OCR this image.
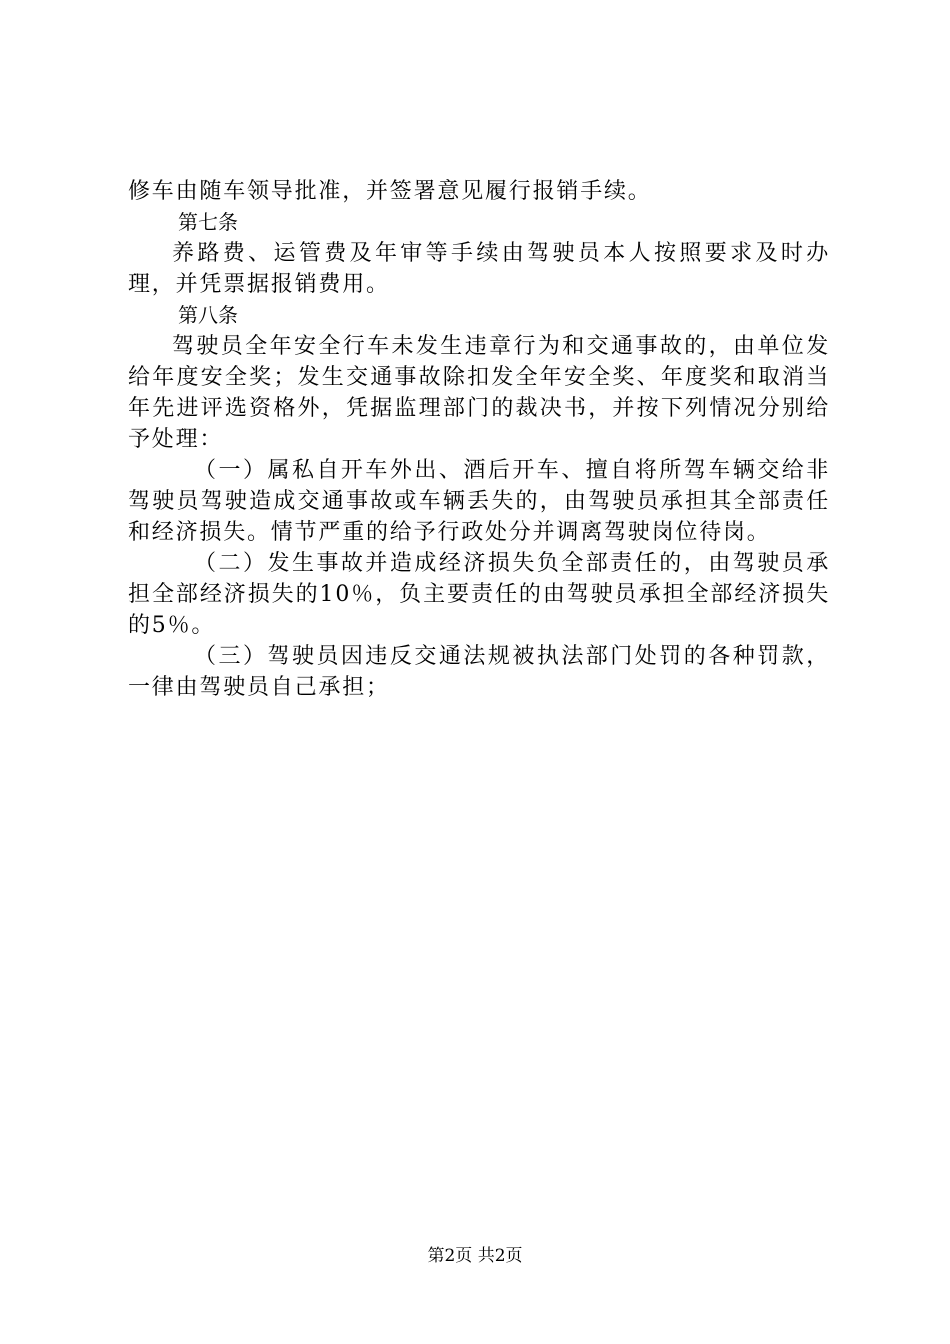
修车由随车领导批准，并签署意见履行报销手续。

第七条

养路费、运管费及年审等手续由驾驶员本人按照要求及时办理，并凭票据报销费用。

第八条

驾驶员全年安全行车未发生违章行为和交通事故的，由单位发给年度安全奖；发生交通事故除扣发全年安全奖、年度奖和取消当年先进评选资格外，凭据监理部门的裁决书，并按下列情况分别给予处理：

（一）属私自开车外出、酒后开车、擅自将所驾车辆交给非驾驶员驾驶造成交通事故或车辆丢失的，由驾驶员承担其全部责任和经济损失。情节严重的给予行政处分并调离驾驶岗位待岗。

（二）发生事故并造成经济损失负全部责任的，由驾驶员承担全部经济损失的10％，负主要责任的由驾驶员承担全部经济损失的5％。

（三）驾驶员因违反交通法规被执法部门处罚的各种罚款，一律由驾驶员自己承担；

第2页 共2页
